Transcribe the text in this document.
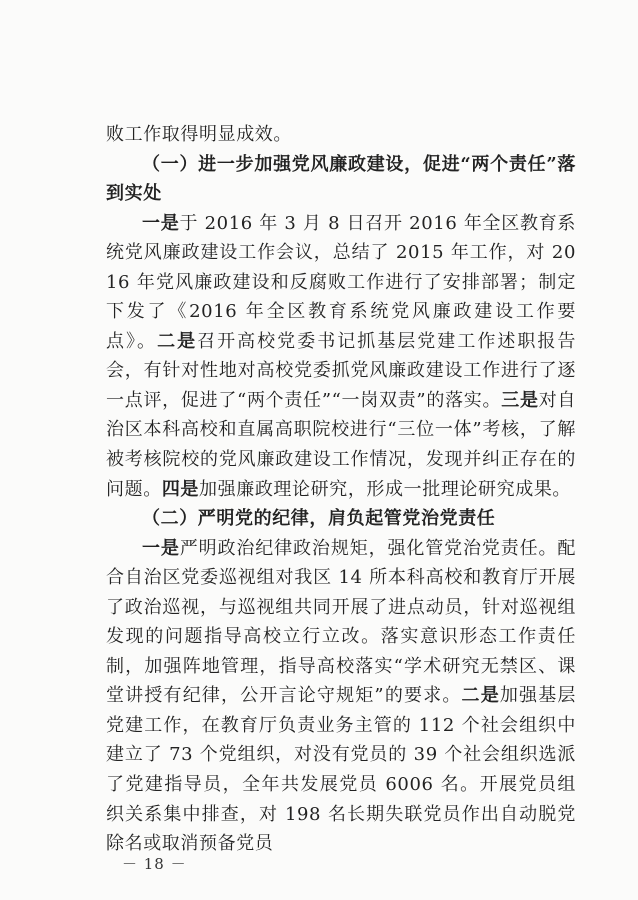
败工作取得明显成效。

（一）进一步加强党风廉政建设，促进“两个责任”落到实处

一是于 2016 年 3 月 8 日召开 2016 年全区教育系统党风廉政建设工作会议，总结了 2015 年工作，对 2016 年党风廉政建设和反腐败工作进行了安排部署；制定下发了《2016 年全区教育系统党风廉政建设工作要点》。二是召开高校党委书记抓基层党建工作述职报告会，有针对性地对高校党委抓党风廉政建设工作进行了逐一点评，促进了“两个责任”“一岗双责”的落实。三是对自治区本科高校和直属高职院校进行“三位一体”考核，了解被考核院校的党风廉政建设工作情况，发现并纠正存在的问题。四是加强廉政理论研究，形成一批理论研究成果。

（二）严明党的纪律，肩负起管党治党责任

一是严明政治纪律政治规矩，强化管党治党责任。配合自治区党委巡视组对我区 14 所本科高校和教育厅开展了政治巡视，与巡视组共同开展了进点动员，针对巡视组发现的问题指导高校立行立改。落实意识形态工作责任制，加强阵地管理，指导高校落实“学术研究无禁区、课堂讲授有纪律，公开言论守规矩”的要求。二是加强基层党建工作，在教育厅负责业务主管的 112 个社会组织中建立了 73 个党组织，对没有党员的 39 个社会组织选派了党建指导员，全年共发展党员 6006 名。开展党员组织关系集中排查，对 198 名长期失联党员作出自动脱党除名或取消预备党员

－ 18 －
